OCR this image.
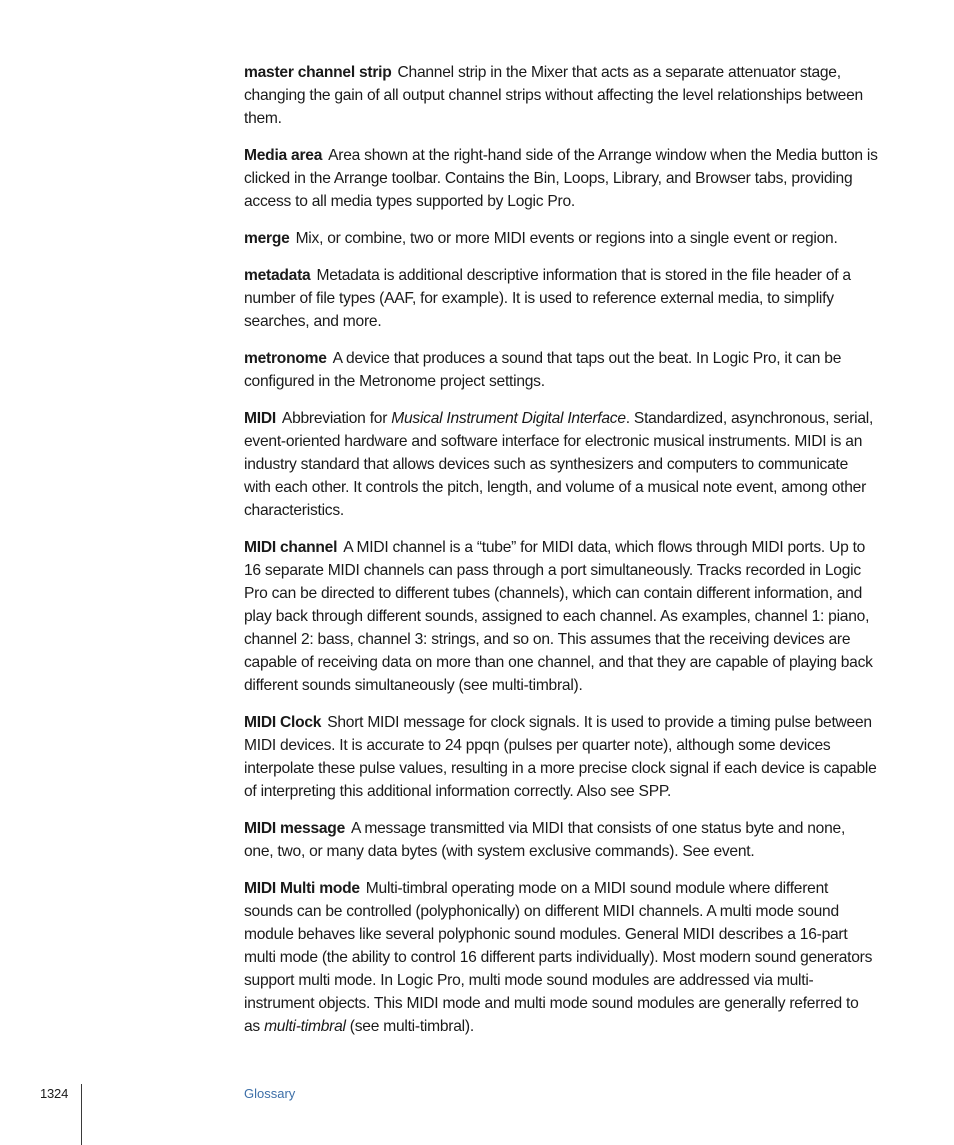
master channel strip Channel strip in the Mixer that acts as a separate attenuator stage, changing the gain of all output channel strips without affecting the level relationships between them.

Media area Area shown at the right-hand side of the Arrange window when the Media button is clicked in the Arrange toolbar. Contains the Bin, Loops, Library, and Browser tabs, providing access to all media types supported by Logic Pro.

merge Mix, or combine, two or more MIDI events or regions into a single event or region.

metadata Metadata is additional descriptive information that is stored in the file header of a number of file types (AAF, for example). It is used to reference external media, to simplify searches, and more.

metronome A device that produces a sound that taps out the beat. In Logic Pro, it can be configured in the Metronome project settings.

MIDI Abbreviation for Musical Instrument Digital Interface. Standardized, asynchronous, serial, event-oriented hardware and software interface for electronic musical instruments. MIDI is an industry standard that allows devices such as synthesizers and computers to communicate with each other. It controls the pitch, length, and volume of a musical note event, among other characteristics.

MIDI channel A MIDI channel is a “tube” for MIDI data, which flows through MIDI ports. Up to 16 separate MIDI channels can pass through a port simultaneously. Tracks recorded in Logic Pro can be directed to different tubes (channels), which can contain different information, and play back through different sounds, assigned to each channel. As examples, channel 1: piano, channel 2: bass, channel 3: strings, and so on. This assumes that the receiving devices are capable of receiving data on more than one channel, and that they are capable of playing back different sounds simultaneously (see multi-timbral).

MIDI Clock Short MIDI message for clock signals. It is used to provide a timing pulse between MIDI devices. It is accurate to 24 ppqn (pulses per quarter note), although some devices interpolate these pulse values, resulting in a more precise clock signal if each device is capable of interpreting this additional information correctly. Also see SPP.

MIDI message A message transmitted via MIDI that consists of one status byte and none, one, two, or many data bytes (with system exclusive commands). See event.

MIDI Multi mode Multi-timbral operating mode on a MIDI sound module where different sounds can be controlled (polyphonically) on different MIDI channels. A multi mode sound module behaves like several polyphonic sound modules. General MIDI describes a 16-part multi mode (the ability to control 16 different parts individually). Most modern sound generators support multi mode. In Logic Pro, multi mode sound modules are addressed via multi-instrument objects. This MIDI mode and multi mode sound modules are generally referred to as multi-timbral (see multi-timbral).

1324	Glossary
